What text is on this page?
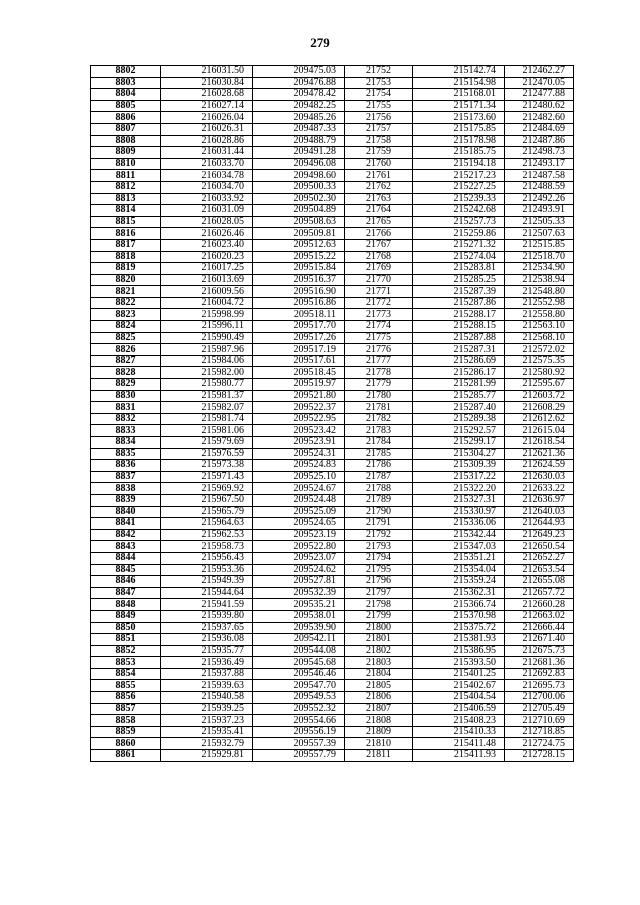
279
8802	216031.50	209475.03	21752	215142.74	212462.27
8803	216030.84	209476.88	21753	215154.98	212470.05
8804	216028.68	209478.42	21754	215168.01	212477.88
8805	216027.14	209482.25	21755	215171.34	212480.62
8806	216026.04	209485.26	21756	215173.60	212482.60
8807	216026.31	209487.33	21757	215175.85	212484.69
8808	216028.86	209488.79	21758	215178.98	212487.86
8809	216031.44	209491.28	21759	215185.75	212498.73
8810	216033.70	209496.08	21760	215194.18	212493.17
8811	216034.78	209498.60	21761	215217.23	212487.58
8812	216034.70	209500.33	21762	215227.25	212488.59
8813	216033.92	209502.30	21763	215239.33	212492.26
8814	216031.09	209504.89	21764	215242.68	212493.91
8815	216028.05	209508.63	21765	215257.73	212505.33
8816	216026.46	209509.81	21766	215259.86	212507.63
8817	216023.40	209512.63	21767	215271.32	212515.85
8818	216020.23	209515.22	21768	215274.04	212518.70
8819	216017.25	209515.84	21769	215283.81	212534.90
8820	216013.69	209516.37	21770	215285.25	212538.94
8821	216009.56	209516.90	21771	215287.39	212548.80
8822	216004.72	209516.86	21772	215287.86	212552.98
8823	215998.99	209518.11	21773	215288.17	212558.80
8824	215996.11	209517.70	21774	215288.15	212563.10
8825	215990.49	209517.26	21775	215287.88	212568.10
8826	215987.96	209517.19	21776	215287.31	212572.02
8827	215984.06	209517.61	21777	215286.69	212575.35
8828	215982.00	209518.45	21778	215286.17	212580.92
8829	215980.77	209519.97	21779	215281.99	212595.67
8830	215981.37	209521.80	21780	215285.77	212603.72
8831	215982.07	209522.37	21781	215287.40	212608.29
8832	215981.74	209522.95	21782	215289.38	212612.62
8833	215981.06	209523.42	21783	215292.57	212615.04
8834	215979.69	209523.91	21784	215299.17	212618.54
8835	215976.59	209524.31	21785	215304.27	212621.36
8836	215973.38	209524.83	21786	215309.39	212624.59
8837	215971.43	209525.10	21787	215317.22	212630.03
8838	215969.92	209524.67	21788	215322.20	212633.22
8839	215967.50	209524.48	21789	215327.31	212636.97
8840	215965.79	209525.09	21790	215330.97	212640.03
8841	215964.63	209524.65	21791	215336.06	212644.93
8842	215962.53	209523.19	21792	215342.44	212649.23
8843	215958.73	209522.80	21793	215347.03	212650.54
8844	215956.43	209523.07	21794	215351.21	212652.27
8845	215953.36	209524.62	21795	215354.04	212653.54
8846	215949.39	209527.81	21796	215359.24	212655.08
8847	215944.64	209532.39	21797	215362.31	212657.72
8848	215941.59	209535.21	21798	215366.74	212660.28
8849	215939.80	209538.01	21799	215370.98	212663.02
8850	215937.65	209539.90	21800	215375.72	212666.44
8851	215936.08	209542.11	21801	215381.93	212671.40
8852	215935.77	209544.08	21802	215386.95	212675.73
8853	215936.49	209545.68	21803	215393.50	212681.36
8854	215937.88	209546.46	21804	215401.25	212692.83
8855	215939.63	209547.70	21805	215402.67	212695.73
8856	215940.58	209549.53	21806	215404.54	212700.06
8857	215939.25	209552.32	21807	215406.59	212705.49
8858	215937.23	209554.66	21808	215408.23	212710.69
8859	215935.41	209556.19	21809	215410.33	212718.85
8860	215932.79	209557.39	21810	215411.48	212724.75
8861	215929.81	209557.79	21811	215411.93	212728.15
